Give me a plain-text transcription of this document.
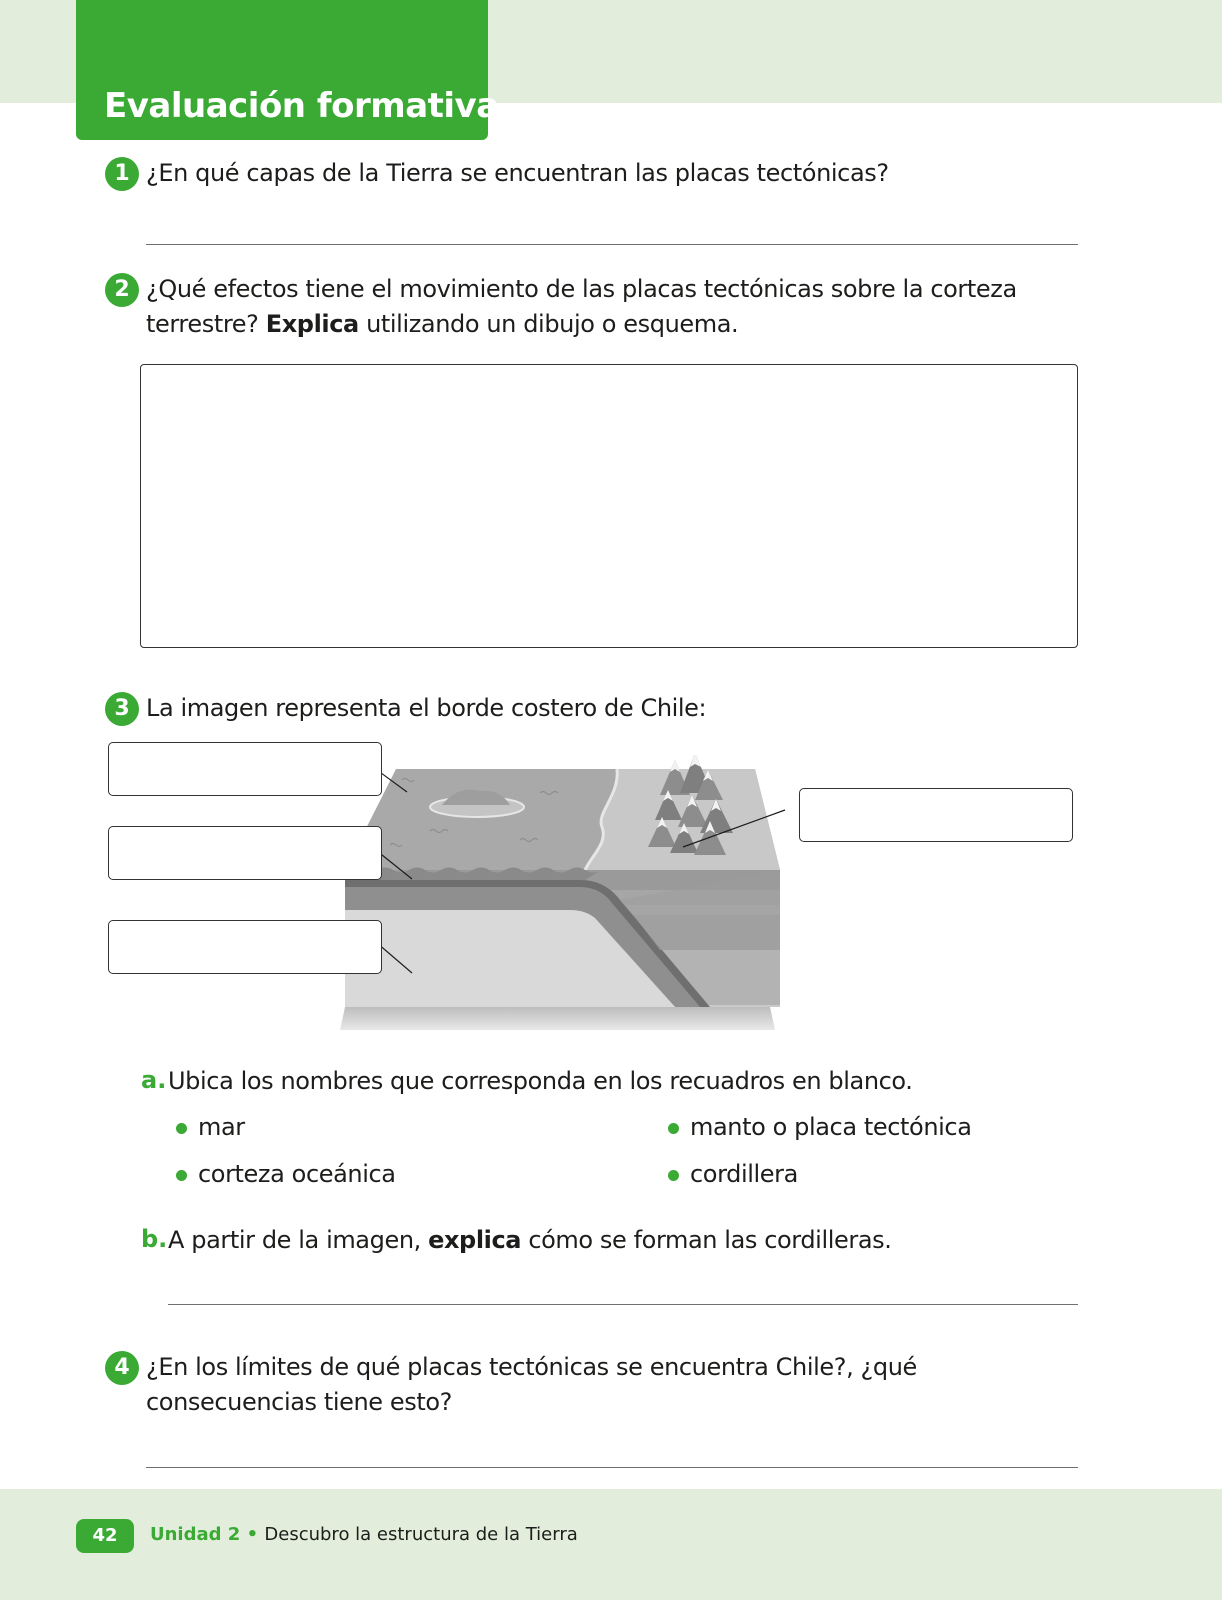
Evaluación formativa
1 ¿En qué capas de la Tierra se encuentran las placas tectónicas?
2 ¿Qué efectos tiene el movimiento de las placas tectónicas sobre la corteza terrestre? Explica utilizando un dibujo o esquema.
3 La imagen representa el borde costero de Chile:
a. Ubica los nombres que corresponda en los recuadros en blanco.
mar	manto o placa tectónica
corteza oceánica	cordillera
b. A partir de la imagen, explica cómo se forman las cordilleras.
4 ¿En los límites de qué placas tectónicas se encuentra Chile?, ¿qué consecuencias tiene esto?
42	Unidad 2 • Descubro la estructura de la Tierra
